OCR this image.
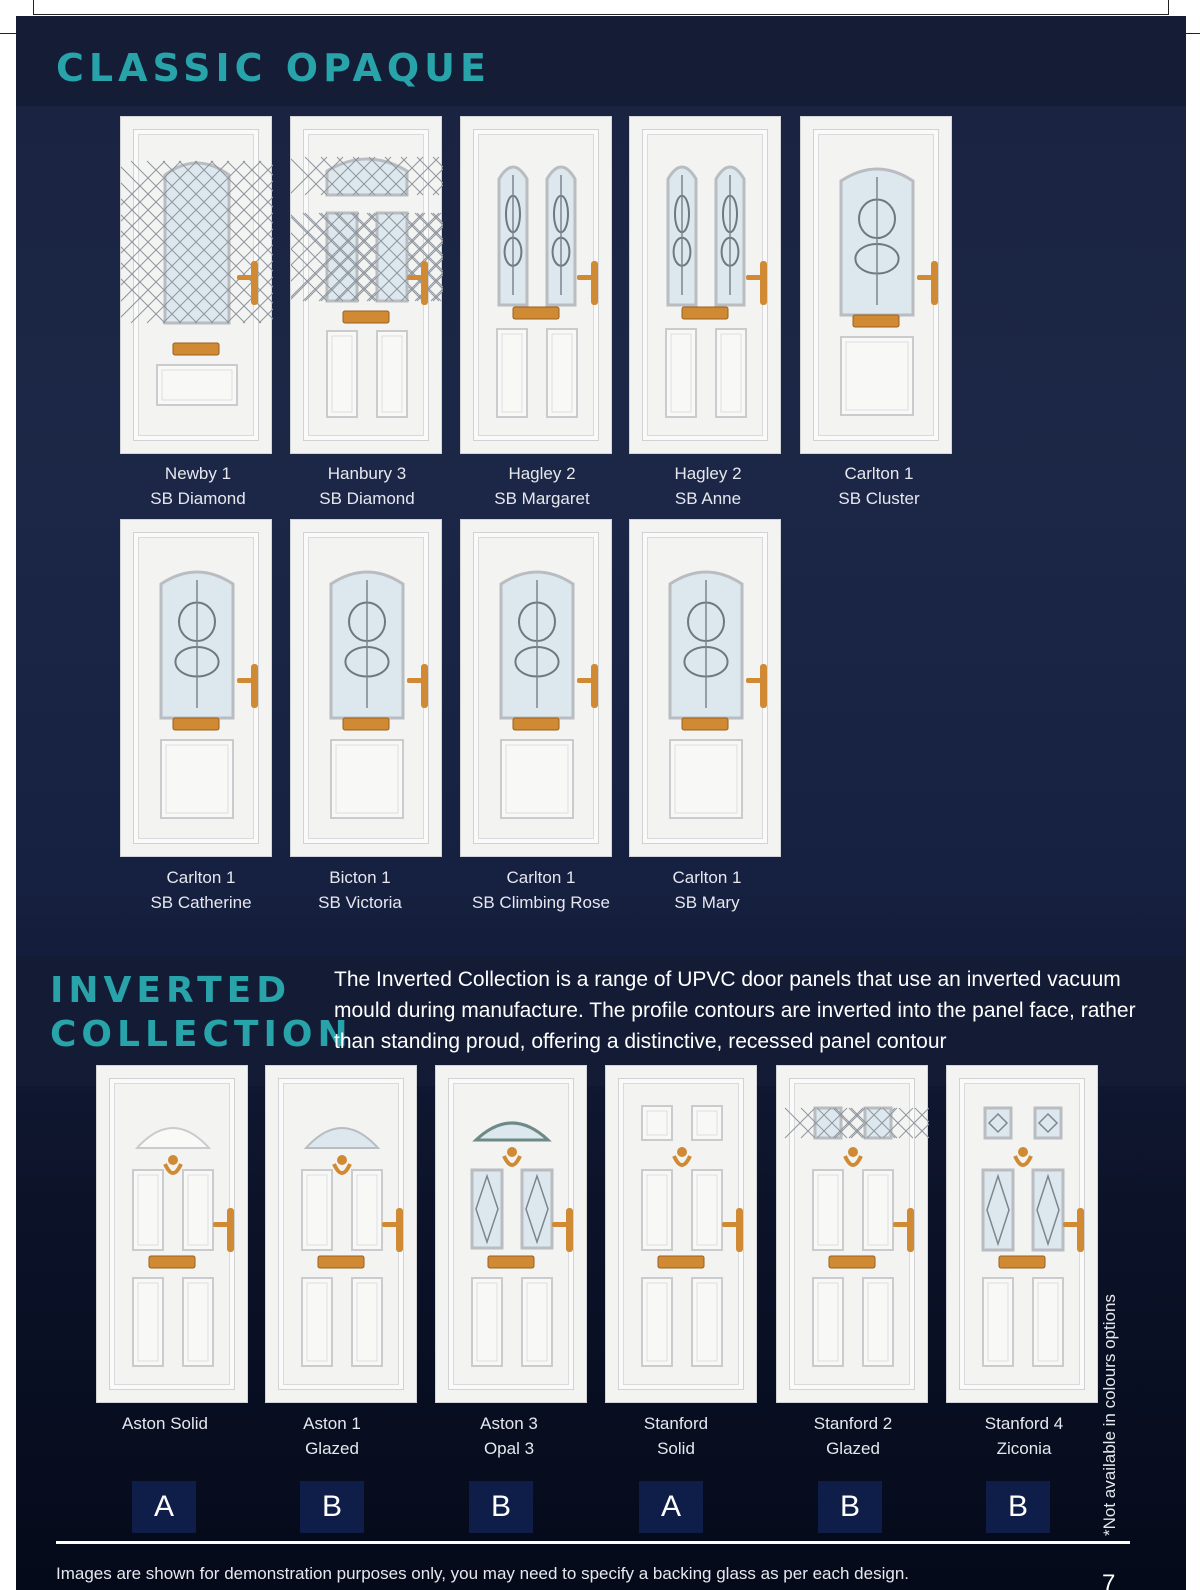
CLASSIC OPAQUE
Newby 1
SB Diamond
Hanbury 3
SB Diamond
Hagley 2
SB Margaret
Hagley 2
SB Anne
Carlton 1
SB Cluster
Carlton 1
SB Catherine
Bicton 1
SB Victoria
Carlton 1
SB Climbing Rose
Carlton 1
SB Mary
INVERTED
COLLECTION

The Inverted Collection is a range of UPVC door panels that use an inverted vacuum mould during manufacture. The profile contours are inverted into the panel face, rather than standing proud, offering a distinctive, recessed panel contour

Aston Solid	Aston 1
Glazed
Aston 3
Opal 3
Stanford
Solid
Stanford 2
Glazed
Stanford 4
Ziconia
A	B	B	A	B	B	*Not available in colours options

Images are shown for demonstration purposes only, you may need to specify a backing glass as per each design.	7
